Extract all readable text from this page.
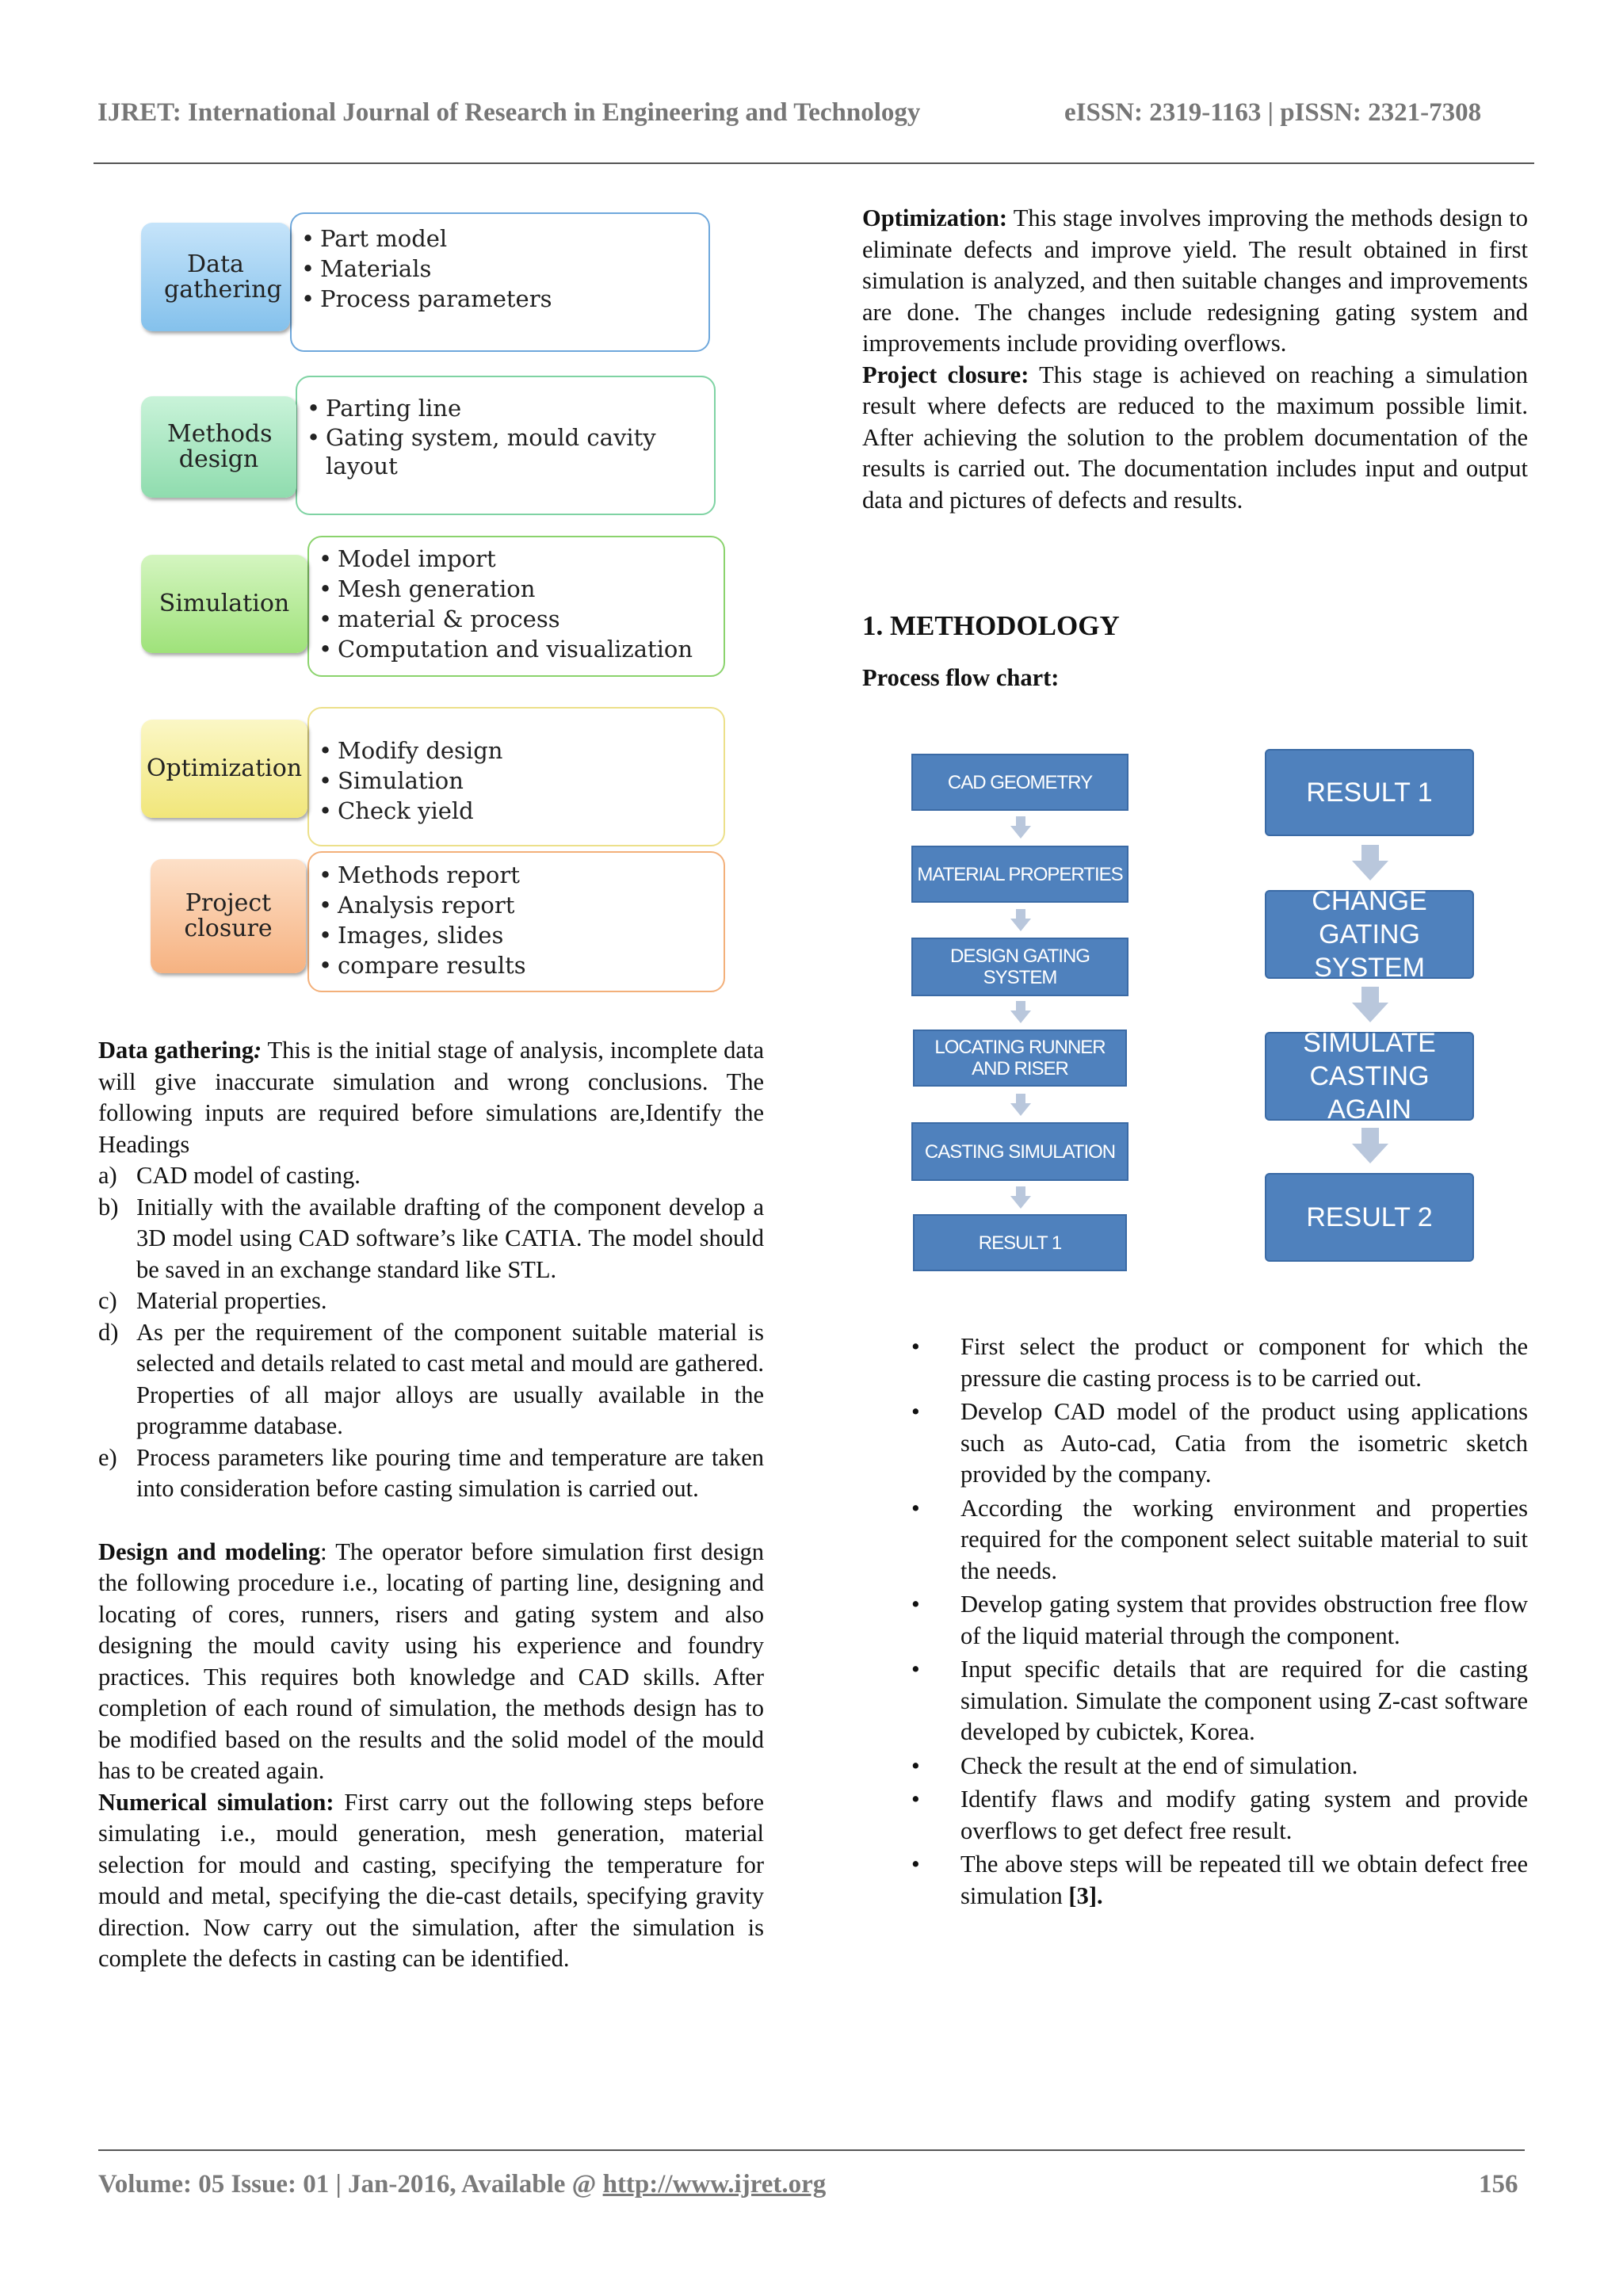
IJRET: International Journal of Research in Engineering and Technology	eISSN: 2319-1163 | pISSN: 2321-7308
• Part model
• Materials
• Process parameters
Data gathering
• Parting line
• Gating system, mould cavity layout
Methods design
• Model import
• Mesh generation
• material & process
• Computation and visualization
Simulation
• Modify design
• Simulation
• Check yield
Optimization
• Methods report
• Analysis report
• Images, slides
• compare results
Project closure

Data gathering: This is the initial stage of analysis, incomplete data will give inaccurate simulation and wrong conclusions. The following inputs are required before simulations are,Identify the Headings

a) CAD model of casting.
b) Initially with the available drafting of the component develop a 3D model using CAD software’s like CATIA. The model should be saved in an exchange standard like STL.
c) Material properties.
d) As per the requirement of the component suitable material is selected and details related to cast metal and mould are gathered. Properties of all major alloys are usually available in the programme database.
e) Process parameters like pouring time and temperature are taken into consideration before casting simulation is carried out.

Design and modeling: The operator before simulation first design the following procedure i.e., locating of parting line, designing and locating of cores, runners, risers and gating system and also designing the mould cavity using his experience and foundry practices. This requires both knowledge and CAD skills. After completion of each round of simulation, the methods design has to be modified based on the results and the solid model of the mould has to be created again.

Numerical simulation: First carry out the following steps before simulating i.e., mould generation, mesh generation, material selection for mould and casting, specifying the temperature for mould and metal, specifying the die-cast details, specifying gravity direction. Now carry out the simulation, after the simulation is complete the defects in casting can be identified.

Optimization: This stage involves improving the methods design to eliminate defects and improve yield. The result obtained in first simulation is analyzed, and then suitable changes and improvements are done. The changes include redesigning gating system and improvements include providing overflows.

Project closure: This stage is achieved on reaching a simulation result where defects are reduced to the maximum possible limit. After achieving the solution to the problem documentation of the results is carried out. The documentation includes input and output data and pictures of defects and results.

1. METHODOLOGY
Process flow chart:
CAD GEOMETRY
MATERIAL PROPERTIES
DESIGN GATING SYSTEM
LOCATING RUNNER AND RISER
CASTING SIMULATION
RESULT 1
RESULT 1
CHANGE GATING SYSTEM
SIMULATE CASTING AGAIN
RESULT 2
• First select the product or component for which the pressure die casting process is to be carried out.
• Develop CAD model of the product using applications such as Auto-cad, Catia from the isometric sketch provided by the company.
• According the working environment and properties required for the component select suitable material to suit the needs.
• Develop gating system that provides obstruction free flow of the liquid material through the component.
• Input specific details that are required for die casting simulation. Simulate the component using Z-cast software developed by cubictek, Korea.
• Check the result at the end of simulation.
• Identify flaws and modify gating system and provide overflows to get defect free result.
• The above steps will be repeated till we obtain defect free simulation [3].
Volume: 05 Issue: 01 | Jan-2016, Available @ http://www.ijret.org	156
